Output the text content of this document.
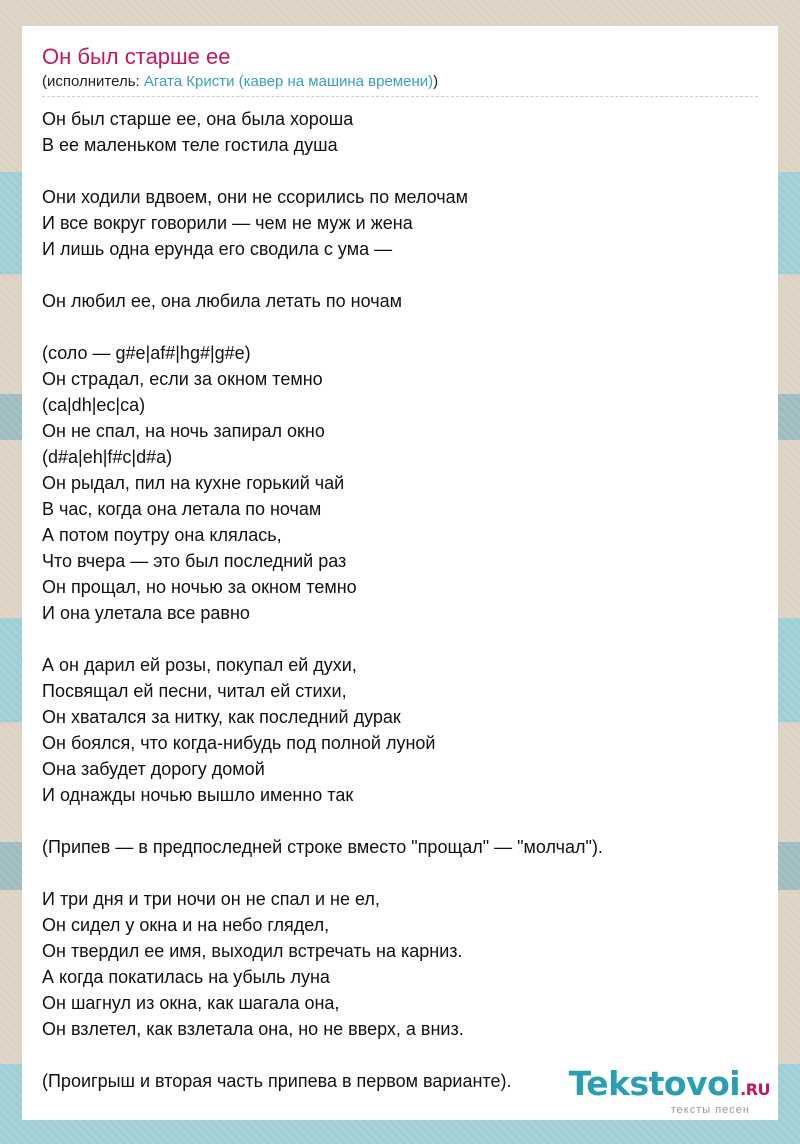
Он был старше ее
(исполнитель: Агата Кристи (кавер на машина времени))
Он был старше ее, она была хороша
В ее маленьком теле гостила душа
Они ходили вдвоем, они не ссорились по мелочам
И все вокруг говорили — чем не муж и жена
И лишь одна ерунда его сводила с ума —
Он любил ее, она любила летать по ночам
(соло — g#e|af#|hg#|g#e)
Он страдал, если за окном темно
(ca|dh|ec|ca)
Он не спал, на ночь запирал окно
(d#a|eh|f#c|d#a)
Он рыдал, пил на кухне горький чай
В час, когда она летала по ночам
А потом поутру она клялась,
Что вчера — это был последний раз
Он прощал, но ночью за окном темно
И она улетала все равно
А он дарил ей розы, покупал ей духи,
Посвящал ей песни, читал ей стихи,
Он хватался за нитку, как последний дурак
Он боялся, что когда-нибудь под полной луной
Она забудет дорогу домой
И однажды ночью вышло именно так
(Припев — в предпоследней строке вместо "прощал" — "молчал").
И три дня и три ночи он не спал и не ел,
Он сидел у окна и на небо глядел,
Он твердил ее имя, выходил встречать на карниз.
А когда покатилась на убыль луна
Он шагнул из окна, как шагала она,
Он взлетел, как взлетала она, но не вверх, а вниз.
(Проигрыш и вторая часть припева в первом варианте).	Tekstovoi.RU
тексты песен
